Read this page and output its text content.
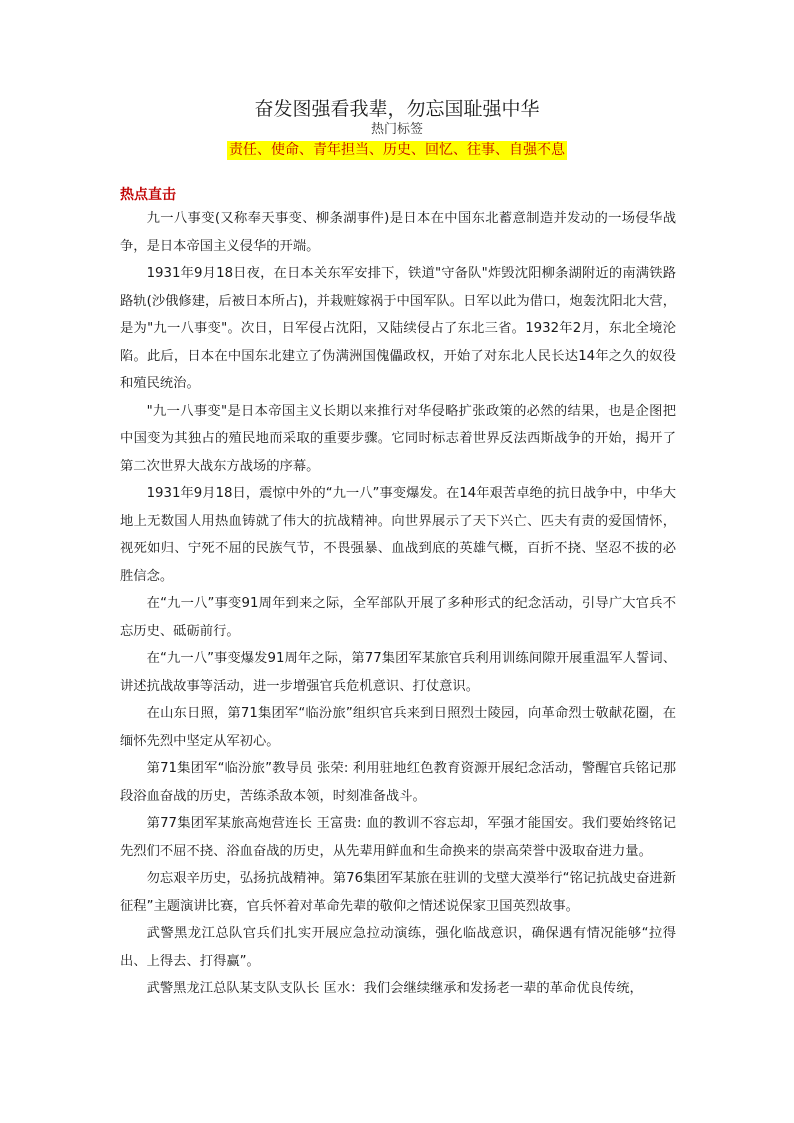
奋发图强看我辈，勿忘国耻强中华
热门标签
责任、使命、青年担当、历史、回忆、往事、自强不息
热点直击

九一八事变(又称奉天事变、柳条湖事件)是日本在中国东北蓄意制造并发动的一场侵华战争，是日本帝国主义侵华的开端。

1931年9月18日夜，在日本关东军安排下，铁道"守备队"炸毁沈阳柳条湖附近的南满铁路路轨(沙俄修建，后被日本所占)，并栽赃嫁祸于中国军队。日军以此为借口，炮轰沈阳北大营，是为"九一八事变"。次日，日军侵占沈阳，又陆续侵占了东北三省。1932年2月，东北全境沦陷。此后，日本在中国东北建立了伪满洲国傀儡政权，开始了对东北人民长达14年之久的奴役和殖民统治。

"九一八事变"是日本帝国主义长期以来推行对华侵略扩张政策的必然的结果，也是企图把中国变为其独占的殖民地而采取的重要步骤。它同时标志着世界反法西斯战争的开始，揭开了第二次世界大战东方战场的序幕。

1931年9月18日，震惊中外的“九一八”事变爆发。在14年艰苦卓绝的抗日战争中，中华大地上无数国人用热血铸就了伟大的抗战精神。向世界展示了天下兴亡、匹夫有责的爱国情怀，视死如归、宁死不屈的民族气节，不畏强暴、血战到底的英雄气概，百折不挠、坚忍不拔的必胜信念。

在“九一八”事变91周年到来之际，全军部队开展了多种形式的纪念活动，引导广大官兵不忘历史、砥砺前行。

在“九一八”事变爆发91周年之际，第77集团军某旅官兵利用训练间隙开展重温军人誓词、讲述抗战故事等活动，进一步增强官兵危机意识、打仗意识。

在山东日照，第71集团军“临汾旅”组织官兵来到日照烈士陵园，向革命烈士敬献花圈，在缅怀先烈中坚定从军初心。

第71集团军“临汾旅”教导员 张荣: 利用驻地红色教育资源开展纪念活动，警醒官兵铭记那段浴血奋战的历史，苦练杀敌本领，时刻准备战斗。

第77集团军某旅高炮营连长 王富贵: 血的教训不容忘却，军强才能国安。我们要始终铭记先烈们不屈不挠、浴血奋战的历史，从先辈用鲜血和生命换来的崇高荣誉中汲取奋进力量。

勿忘艰辛历史，弘扬抗战精神。第76集团军某旅在驻训的戈壁大漠举行“铭记抗战史奋进新征程”主题演讲比赛，官兵怀着对革命先辈的敬仰之情述说保家卫国英烈故事。

武警黑龙江总队官兵们扎实开展应急拉动演练，强化临战意识，确保遇有情况能够“拉得出、上得去、打得赢”。

武警黑龙江总队某支队支队长 匡水：我们会继续继承和发扬老一辈的革命优良传统，
